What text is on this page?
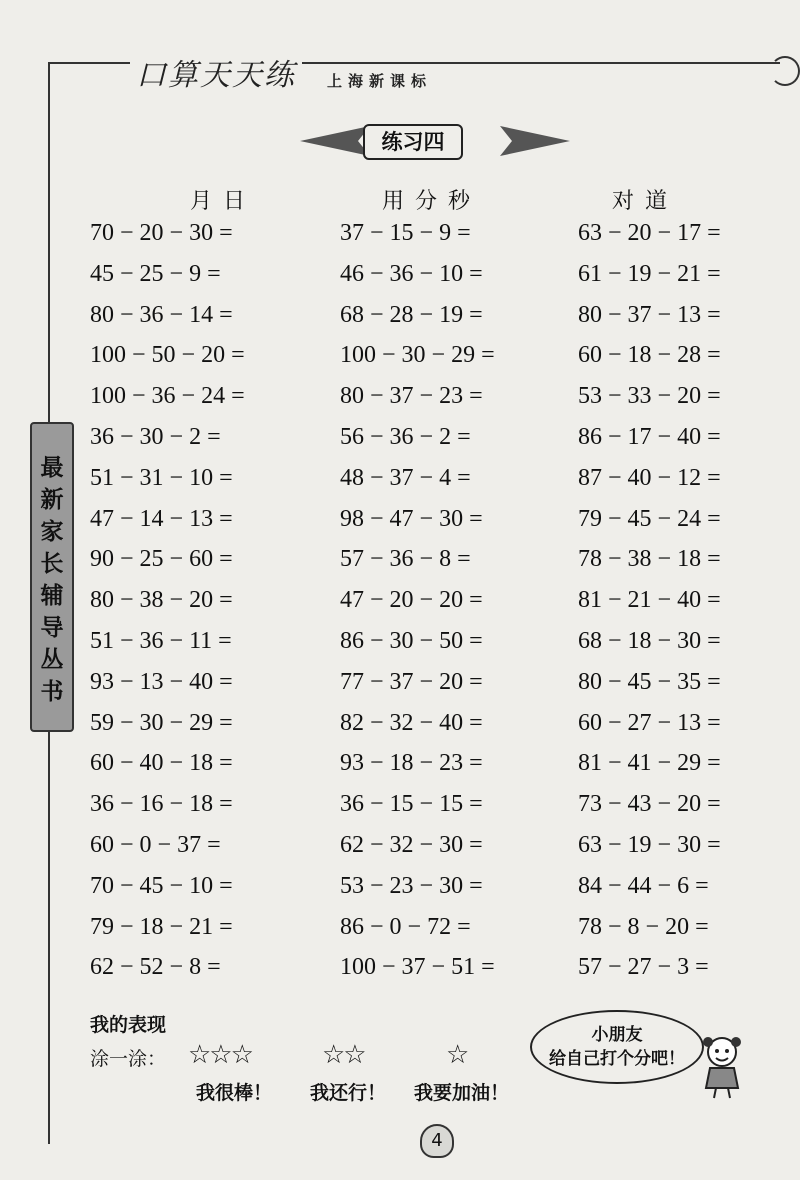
口算天天练	上海新课标
练习四
月 日	用 分 秒	对 道
70 − 20 − 30 =	37 − 15 − 9 =	63 − 20 − 17 =
45 − 25 − 9 =	46 − 36 − 10 =	61 − 19 − 21 =
80 − 36 − 14 =	68 − 28 − 19 =	80 − 37 − 13 =
100 − 50 − 20 =	100 − 30 − 29 =	60 − 18 − 28 =
100 − 36 − 24 =	80 − 37 − 23 =	53 − 33 − 20 =
36 − 30 − 2 =	56 − 36 − 2 =	86 − 17 − 40 =
51 − 31 − 10 =	48 − 37 − 4 =	87 − 40 − 12 =
47 − 14 − 13 =	98 − 47 − 30 =	79 − 45 − 24 =
90 − 25 − 60 =	57 − 36 − 8 =	78 − 38 − 18 =
80 − 38 − 20 =	47 − 20 − 20 =	81 − 21 − 40 =
51 − 36 − 11 =	86 − 30 − 50 =	68 − 18 − 30 =
93 − 13 − 40 =	77 − 37 − 20 =	80 − 45 − 35 =
59 − 30 − 29 =	82 − 32 − 40 =	60 − 27 − 13 =
60 − 40 − 18 =	93 − 18 − 23 =	81 − 41 − 29 =
36 − 16 − 18 =	36 − 15 − 15 =	73 − 43 − 20 =
60 − 0 − 37 =	62 − 32 − 30 =	63 − 19 − 30 =
70 − 45 − 10 =	53 − 23 − 30 =	84 − 44 − 6 =
79 − 18 − 21 =	86 − 0 − 72 =	78 − 8 − 20 =
62 − 52 − 8 =	100 − 37 − 51 =	57 − 27 − 3 =
最
新
家
长
辅
导
丛
书
我的表现
涂一涂： ☆☆☆	☆☆	☆
我很棒！ 我还行！ 我要加油！
小朋友
给自己打个分吧！
4
